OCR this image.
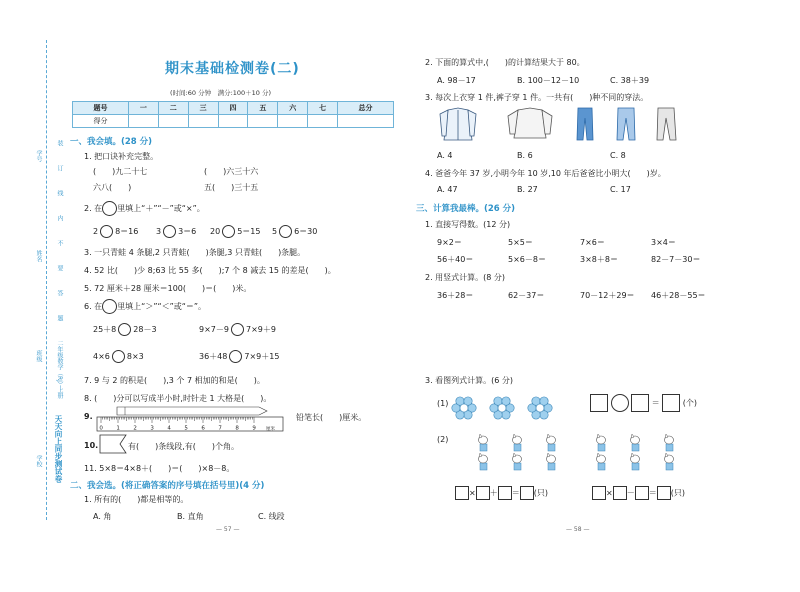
学号
姓名
班级
学校
装
订
线
内
不
要
答
题
二年级数学（RJ）·上册
天天向上同步测试卷
期末基础检测卷(二)
(时间:60 分钟　满分:100＋10 分)
题号	一	二	三	四	五	六	七	总分
得分								
一、我会填。(28 分)
1. 把口诀补充完整。
(　　)九二十七	(　　)六三十六
六八(　　)	五(　　)三十五
2. 在 里填上“＋”“－”或“×”。
2 8＝16 3 3＝6 20 5＝15 5 6＝30
3. 一只青蛙 4 条腿,2 只青蛙(　　)条腿,3 只青蛙(　　)条腿。
4. 52 比(　　)少 8;63 比 55 多(　　);7 个 8 减去 15 的差是(　　)。
5. 72 厘米＋28 厘米＝100(　　)＝(　　)米。
6. 在 里填上“＞”“＜”或“＝”。
25＋8 28－3	9×7－9 7×9＋9
4×6 8×3	36＋48 7×9＋15
7. 9 与 2 的积是(　　),3 个 7 相加的和是(　　)。
8. (　　)分可以写成半小时,时针走 1 大格是(　　)。
9.
0 1 2 3 4 5 6 7 8 9 厘米
铅笔长(　　)厘米。
10.	有(　　)条线段,有(　　)个角。
11. 5×8＝4×8＋(　　)＝(　　)×8－8。
二、我会选。(将正确答案的序号填在括号里)(4 分)
1. 所有的(　　)都是相等的。
A. 角	B. 直角	C. 线段
— 57 —
2. 下面的算式中,(　　)的计算结果大于 80。
A. 98－17	B. 100－12－10	C. 38＋39
3. 每次上衣穿 1 件,裤子穿 1 件。一共有(　　)种不同的穿法。
A. 4	B. 6	C. 8
4. 爸爸今年 37 岁,小明今年 10 岁,10 年后爸爸比小明大(　　)岁。
A. 47	B. 27	C. 17
三、计算我最棒。(26 分)
1. 直接写得数。(12 分)
9×2＝	5×5＝	7×6＝	3×4＝
56＋40＝	5×6－8＝	3×8＋8＝	82－7－30＝
2. 用竖式计算。(8 分)
36＋28＝	62－37＝	70－12＋29＝ 46＋28－55＝
3. 看图列式计算。(6 分)
(1)	＝	(个)
(2)
× ＋ ＝ (只)	× － ＝ (只)
— 58 —
